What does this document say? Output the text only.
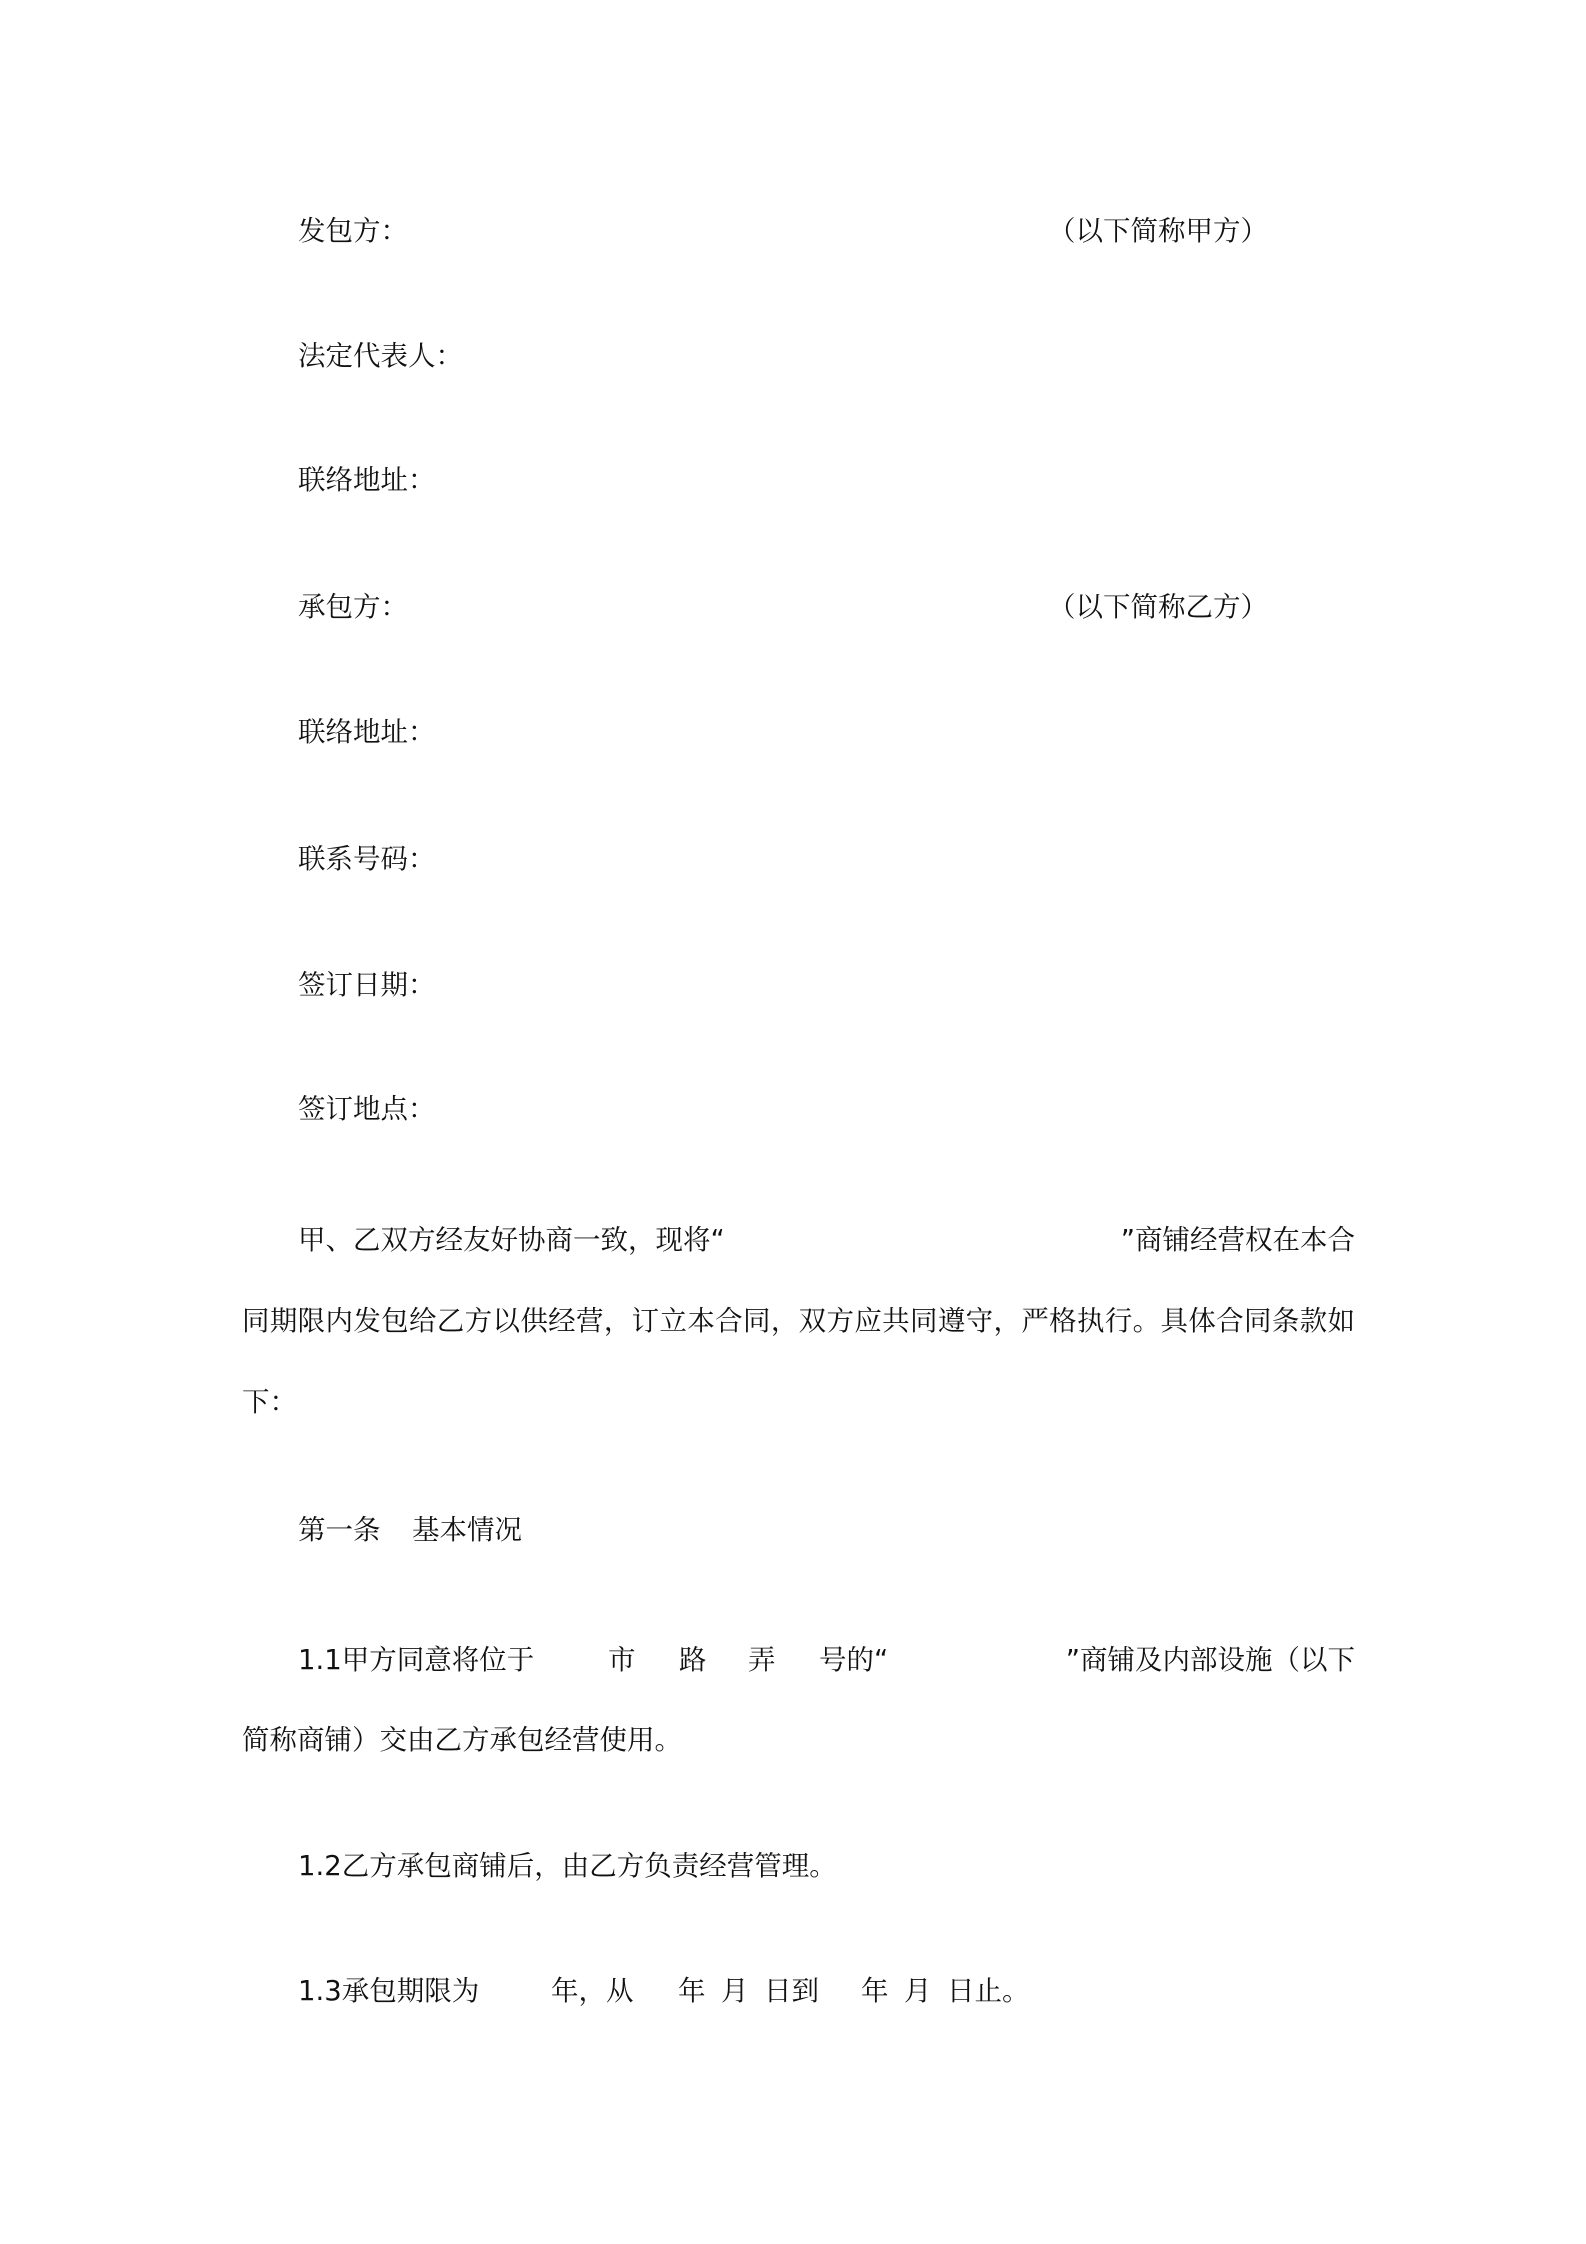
发包方：	（以下简称甲方）
法定代表人：
联络地址：
承包方：	（以下简称乙方）
联络地址：
联系号码：
签订日期：
签订地点：
甲、乙双方经友好协商一致，现将“	”商铺经营权在本合
同期限内发包给乙方以供经营，订立本合同，双方应共同遵守，严格执行。具体合同条款如
下：
第一条 基本情况
1.1甲方同意将位于	市 路 弄 号的“	”商铺及内部设施（以下
简称商铺）交由乙方承包经营使用。
1.2乙方承包商铺后，由乙方负责经营管理。
1.3承包期限为	年，从 年 月 日到 年 月 日止。
